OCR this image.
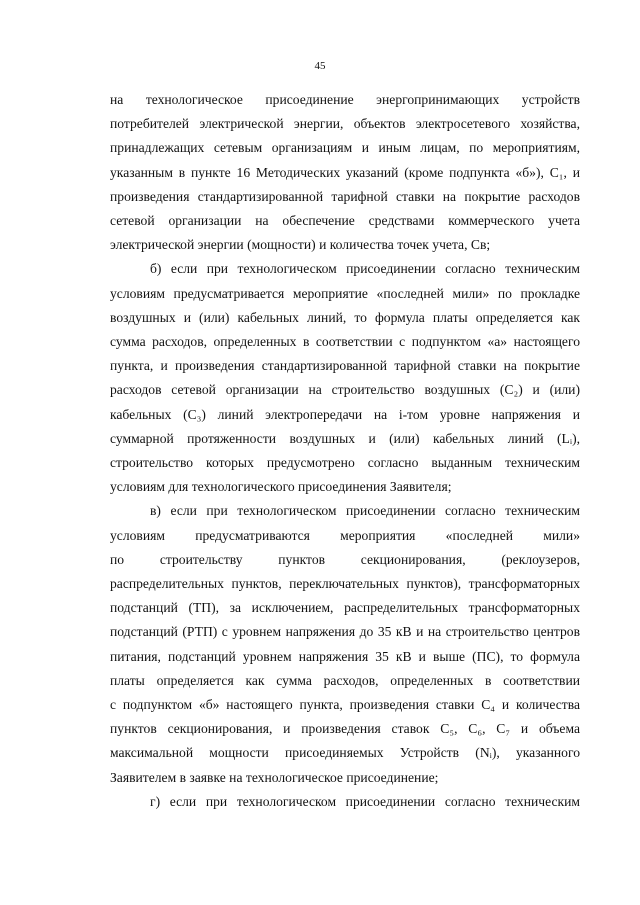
45
на технологическое присоединение энергопринимающих устройств
потребителей электрической энергии, объектов электросетевого хозяйства,
принадлежащих сетевым организациям и иным лицам, по мероприятиям,
указанным в пункте 16 Методических указаний (кроме подпункта «б»), C₁, и
произведения стандартизированной тарифной ставки на покрытие расходов
сетевой организации на обеспечение средствами коммерческого учета
электрической энергии (мощности) и количества точек учета, Cв;
б) если при технологическом присоединении согласно техническим
условиям предусматривается мероприятие «последней мили» по прокладке
воздушных и (или) кабельных линий, то формула платы определяется как
сумма расходов, определенных в соответствии с подпунктом «а» настоящего
пункта, и произведения стандартизированной тарифной ставки на покрытие
расходов сетевой организации на строительство воздушных (C₂) и (или)
кабельных (C₃) линий электропередачи на i-том уровне напряжения и
суммарной протяженности воздушных и (или) кабельных линий (Lᵢ),
строительство которых предусмотрено согласно выданным техническим
условиям для технологического присоединения Заявителя;
в) если при технологическом присоединении согласно техническим
условиям предусматриваются мероприятия «последней мили»
по строительству пунктов секционирования, (реклоузеров,
распределительных пунктов, переключательных пунктов), трансформаторных
подстанций (ТП), за исключением, распределительных трансформаторных
подстанций (РТП) с уровнем напряжения до 35 кВ и на строительство центров
питания, подстанций уровнем напряжения 35 кВ и выше (ПС), то формула
платы определяется как сумма расходов, определенных в соответствии
с подпунктом «б» настоящего пункта, произведения ставки C₄ и количества
пунктов секционирования, и произведения ставок C₅, C₆, C₇ и объема
максимальной мощности присоединяемых Устройств (Nᵢ), указанного
Заявителем в заявке на технологическое присоединение;
г) если при технологическом присоединении согласно техническим
